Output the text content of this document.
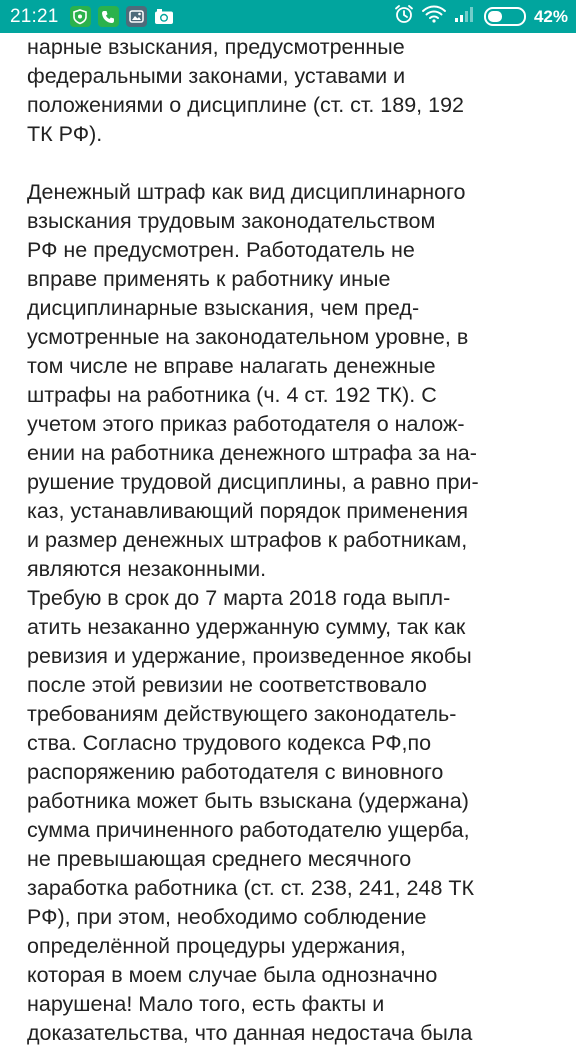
21:21	42%
нарные взыскания, предусмотренные
федеральными законами, уставами и
положениями о дисциплине (ст. ст. 189, 192
ТК РФ).
Денежный штраф как вид дисциплинарного
взыскания трудовым законодательством
РФ не предусмотрен. Работодатель не
вправе применять к работнику иные
дисциплинарные взыскания, чем пред-
усмотренные на законодательном уровне, в
том числе не вправе налагать денежные
штрафы на работника (ч. 4 ст. 192 ТК). С
учетом этого приказ работодателя о налож-
ении на работника денежного штрафа за на-
рушение трудовой дисциплины, а равно при-
каз, устанавливающий порядок применения
и размер денежных штрафов к работникам,
являются незаконными.
Требую в срок до 7 марта 2018 года выпл-
атить незаканно удержанную сумму, так как
ревизия и удержание, произведенное якобы
после этой ревизии не соответствовало
требованиям действующего законодатель-
ства. Согласно трудового кодекса РФ,по
распоряжению работодателя с виновного
работника может быть взыскана (удержана)
сумма причиненного работодателю ущерба,
не превышающая среднего месячного
заработка работника (ст. ст. 238, 241, 248 ТК
РФ), при этом, необходимо соблюдение
определённой процедуры удержания,
которая в моем случае была однозначно
нарушена! Мало того, есть факты и
доказательства, что данная недостача была
